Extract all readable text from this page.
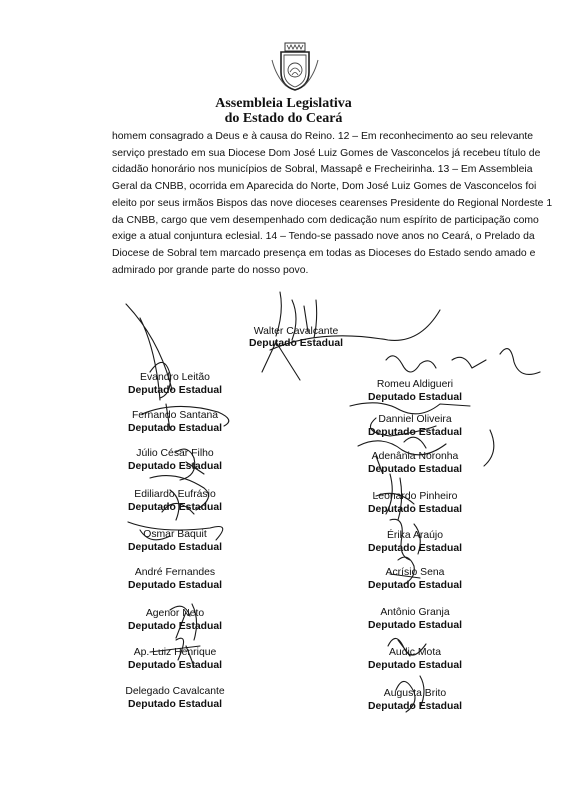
Assembleia Legislativa
do Estado do Ceará

homem consagrado a Deus e à causa do Reino. 12 – Em reconhecimento ao seu relevante
serviço prestado em sua Diocese Dom José Luiz Gomes de Vasconcelos já recebeu título de
cidadão honorário nos municípios de Sobral, Massapê e Frecheirinha. 13 – Em Assembleia
Geral da CNBB, ocorrida em Aparecida do Norte, Dom José Luiz Gomes de Vasconcelos foi
eleito por seus irmãos Bispos das nove dioceses cearenses Presidente do Regional Nordeste 1
da CNBB, cargo que vem desempenhado com dedicação num espírito de participação como
exige a atual conjuntura eclesial. 14 – Tendo-se passado nove anos no Ceará, o Prelado da
Diocese de Sobral tem marcado presença em todas as Dioceses do Estado sendo amado e
admirado por grande parte do nosso povo.

Walter Cavalcante
Deputado Estadual
Evandro Leitão
Deputado Estadual
Fernando Santana
Deputado Estadual
Júlio César Filho
Deputado Estadual
Ediliardo Eufrásio
Deputado Estadual
Osmar Baquit
Deputado Estadual
André Fernandes
Deputado Estadual
Agenor Neto
Deputado Estadual
Ap. Luiz Henrique
Deputado Estadual
Delegado Cavalcante
Deputado Estadual
Romeu Aldigueri
Deputado Estadual
Danniel Oliveira
Deputado Estadual
Adenânia Noronha
Deputado Estadual
Leonardo Pinheiro
Deputado Estadual
Érika Araújo
Deputado Estadual
Acrísio Sena
Deputado Estadual
Antônio Granja
Deputado Estadual
Audic Mota
Deputado Estadual
Augusta Brito
Deputado Estadual
